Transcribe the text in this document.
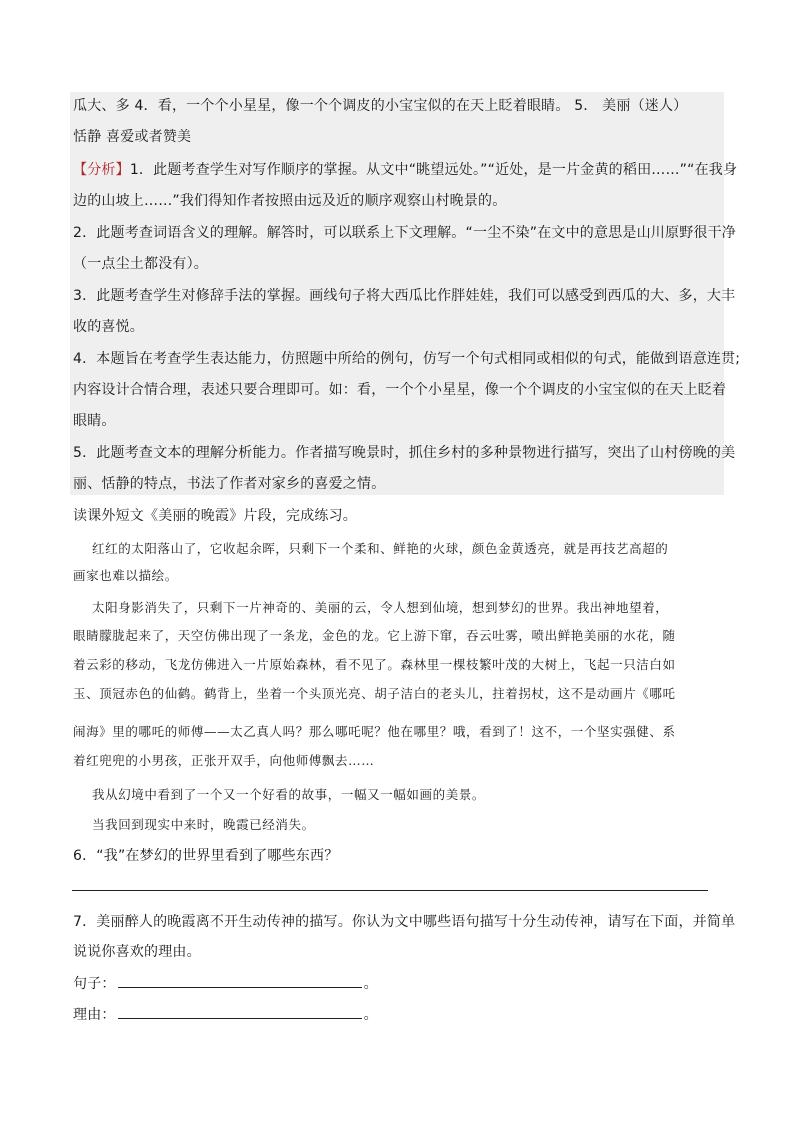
瓜大、多 4．看，一个个小星星，像一个个调皮的小宝宝似的在天上眨着眼睛。 5． 美丽（迷人）
恬静 喜爱或者赞美
【分析】1．此题考查学生对写作顺序的掌握。从文中“眺望远处。”“近处，是一片金黄的稻田……”“在我身
边的山坡上……”我们得知作者按照由远及近的顺序观察山村晚景的。
2．此题考查词语含义的理解。解答时，可以联系上下文理解。“一尘不染”在文中的意思是山川原野很干净
（一点尘土都没有）。
3．此题考查学生对修辞手法的掌握。画线句子将大西瓜比作胖娃娃，我们可以感受到西瓜的大、多，大丰
收的喜悦。
4．本题旨在考查学生表达能力，仿照题中所给的例句，仿写一个句式相同或相似的句式，能做到语意连贯;
内容设计合情合理，表述只要合理即可。如：看，一个个小星星，像一个个调皮的小宝宝似的在天上眨着
眼睛。
5．此题考查文本的理解分析能力。作者描写晚景时，抓住乡村的多种景物进行描写，突出了山村傍晚的美
丽、恬静的特点，书法了作者对家乡的喜爱之情。
读课外短文《美丽的晚霞》片段，完成练习。
红红的太阳落山了，它收起余晖，只剩下一个柔和、鲜艳的火球，颜色金黄透亮，就是再技艺高超的
画家也难以描绘。
太阳身影消失了，只剩下一片神奇的、美丽的云，令人想到仙境，想到梦幻的世界。我出神地望着，
眼睛朦胧起来了，天空仿佛出现了一条龙，金色的龙。它上游下窜，吞云吐雾，喷出鲜艳美丽的水花，随
着云彩的移动，飞龙仿佛进入一片原始森林，看不见了。森林里一棵枝繁叶茂的大树上，飞起一只洁白如
玉、顶冠赤色的仙鹤。鹤背上，坐着一个头顶光亮、胡子洁白的老头儿，拄着拐杖，这不是动画片《哪吒
闹海》里的哪吒的师傅——太乙真人吗？那么哪吒呢？他在哪里？哦，看到了！这不，一个坚实强健、系
着红兜兜的小男孩，正张开双手，向他师傅飘去……
我从幻境中看到了一个又一个好看的故事，一幅又一幅如画的美景。
当我回到现实中来时，晚霞已经消失。
6．“我”在梦幻的世界里看到了哪些东西？
7．美丽醉人的晚霞离不开生动传神的描写。你认为文中哪些语句描写十分生动传神，请写在下面，并简单
说说你喜欢的理由。
句子：	。
理由：	。
